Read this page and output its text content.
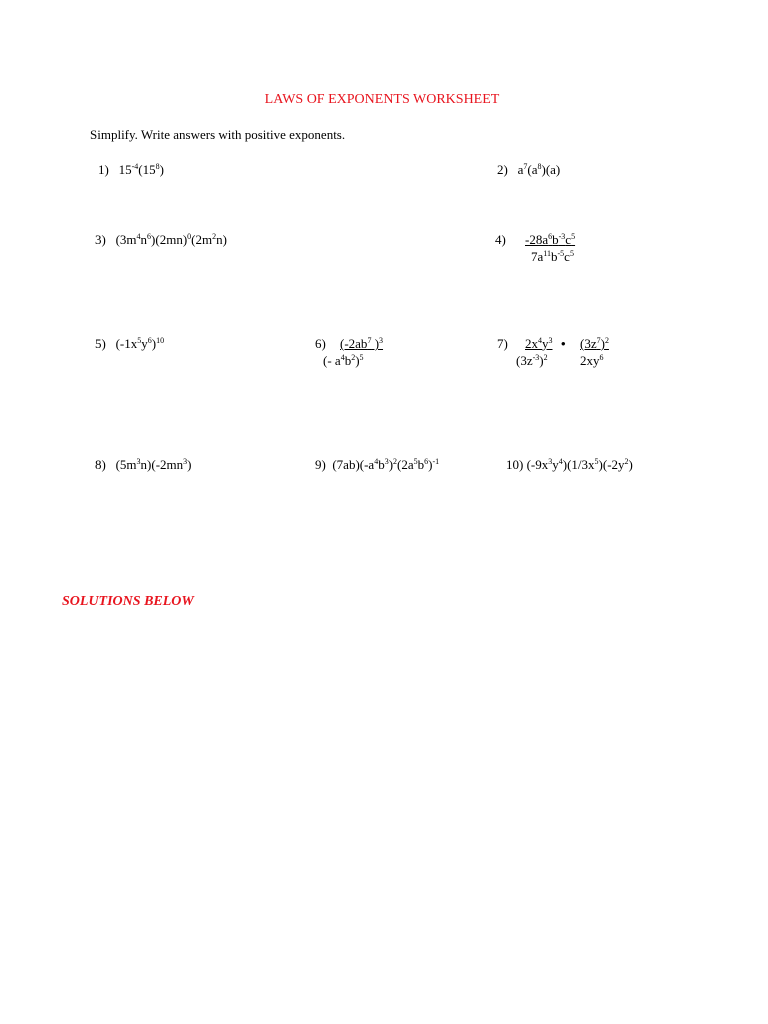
LAWS OF EXPONENTS WORKSHEET
Simplify. Write answers with positive exponents.
1) $15^{-4}(15^8)$	2) $a^7(a^8)(a)$
3) $(3m^4n^6)(2mn)^0(2m^2n)$	4) $-28a^6b^{-3}c^5$
$7a^{11}b^{-5}c^5$
5) $(-1x^5y^6)^{10}$	6) ($-2ab^7$ )$^3$
(- $a^4b^2)^5$
7) $2x^4y^3$ • $(3z^7)^2$
$(3z^{-3})^2$ $2xy^6$
8) $(5m^3n)(-2mn^3)$	9) $(7ab)(-a^4b^3)^2(2a^5b^6)^{-1}$	10) $(-9x^3y^4)(1/3x^5)(-2y^2)$
SOLUTIONS BELOW
